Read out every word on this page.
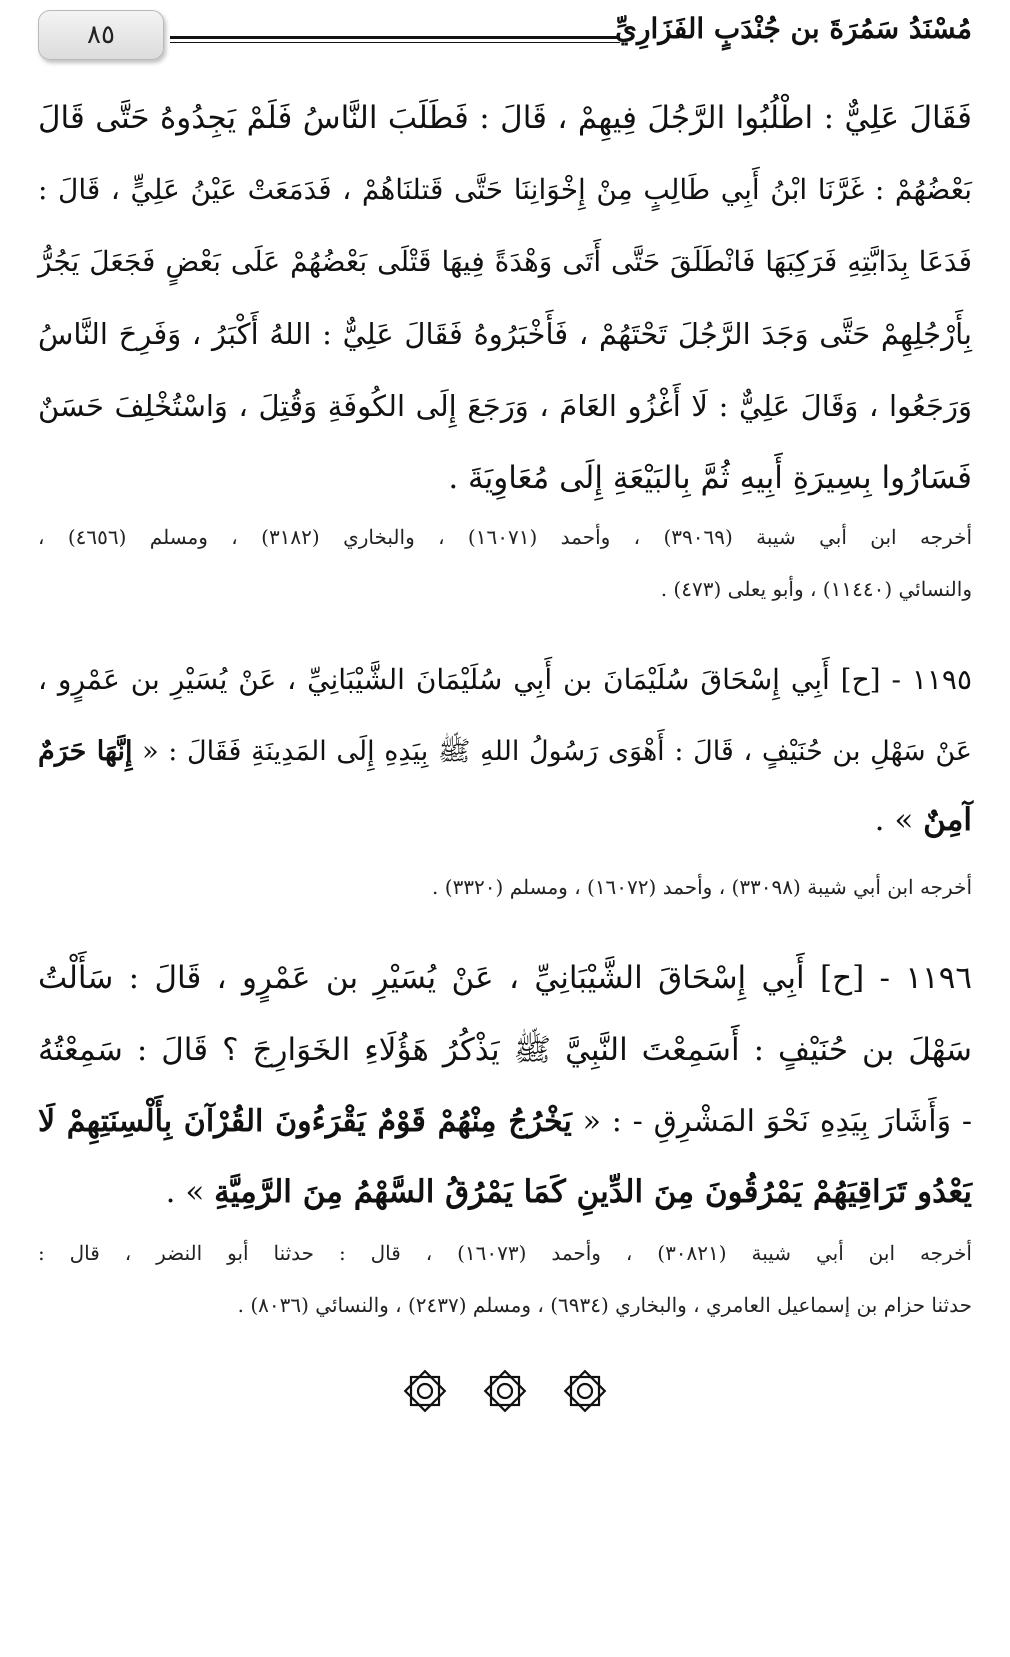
٨٥	مُسْنَدُ سَمُرَةَ بن جُنْدَبٍ الفَزَارِيِّ
فَقَالَ عَلِيٌّ : اطْلُبُوا الرَّجُلَ فِيهِمْ ، قَالَ : فَطَلَبَ النَّاسُ فَلَمْ يَجِدُوهُ حَتَّى قَالَ
بَعْضُهُمْ : غَرَّنَا ابْنُ أَبِي طَالِبٍ مِنْ إِخْوَانِنَا حَتَّى قَتلنَاهُمْ ، فَدَمَعَتْ عَيْنُ عَلِيٍّ ، قَالَ :
فَدَعَا بِدَابَّتِهِ فَرَكِبَهَا فَانْطَلَقَ حَتَّى أَتَى وَهْدَةً فِيهَا قَتْلَى بَعْضُهُمْ عَلَى بَعْضٍ فَجَعَلَ يَجُرُّ
بِأَرْجُلِهِمْ حَتَّى وَجَدَ الرَّجُلَ تَحْتَهُمْ ، فَأَخْبَرُوهُ فَقَالَ عَلِيٌّ : اللهُ أَكْبَرُ ، وَفَرِحَ النَّاسُ
وَرَجَعُوا ، وَقَالَ عَلِيٌّ : لَا أَغْزُو العَامَ ، وَرَجَعَ إِلَى الكُوفَةِ وَقُتِلَ ، وَاسْتُخْلِفَ حَسَنٌ
فَسَارُوا بِسِيرَةِ أَبِيهِ ثُمَّ بِالبَيْعَةِ إِلَى مُعَاوِيَةَ .
أخرجه ابن أبي شيبة (٣٩٠٦٩) ، وأحمد (١٦٠٧١) ، والبخاري (٣١٨٢) ، ومسلم (٤٦٥٦) ،
والنسائي (١١٤٤٠) ، وأبو يعلى (٤٧٣) .
١١٩٥ - [ح] أَبِي إِسْحَاقَ سُلَيْمَانَ بن أَبِي سُلَيْمَانَ الشَّيْبَانِيِّ ، عَنْ يُسَيْرِ بن عَمْرٍو ،
عَنْ سَهْلِ بن حُنَيْفٍ ، قَالَ : أَهْوَى رَسُولُ اللهِ ﷺ بِيَدِهِ إِلَى المَدِينَةِ فَقَالَ : « إِنَّهَا حَرَمٌ
آمِنٌ » .
أخرجه ابن أبي شيبة (٣٣٠٩٨) ، وأحمد (١٦٠٧٢) ، ومسلم (٣٣٢٠) .
١١٩٦ - [ح] أَبِي إِسْحَاقَ الشَّيْبَانِيِّ ، عَنْ يُسَيْرِ بن عَمْرٍو ، قَالَ : سَأَلْتُ
سَهْلَ بن حُنَيْفٍ : أَسَمِعْتَ النَّبِيَّ ﷺ يَذْكُرُ هَؤُلَاءِ الخَوَارِجَ ؟ قَالَ : سَمِعْتُهُ
- وَأَشَارَ بِيَدِهِ نَحْوَ المَشْرِقِ - : « يَخْرُجُ مِنْهُمْ قَوْمٌ يَقْرَءُونَ القُرْآنَ بِأَلْسِنَتِهِمْ لَا
يَعْدُو تَرَاقِيَهُمْ يَمْرُقُونَ مِنَ الدِّينِ كَمَا يَمْرُقُ السَّهْمُ مِنَ الرَّمِيَّةِ » .
أخرجه ابن أبي شيبة (٣٠٨٢١) ، وأحمد (١٦٠٧٣) ، قال : حدثنا أبو النضر ، قال :
حدثنا حزام بن إسماعيل العامري ، والبخاري (٦٩٣٤) ، ومسلم (٢٤٣٧) ، والنسائي (٨٠٣٦) .
